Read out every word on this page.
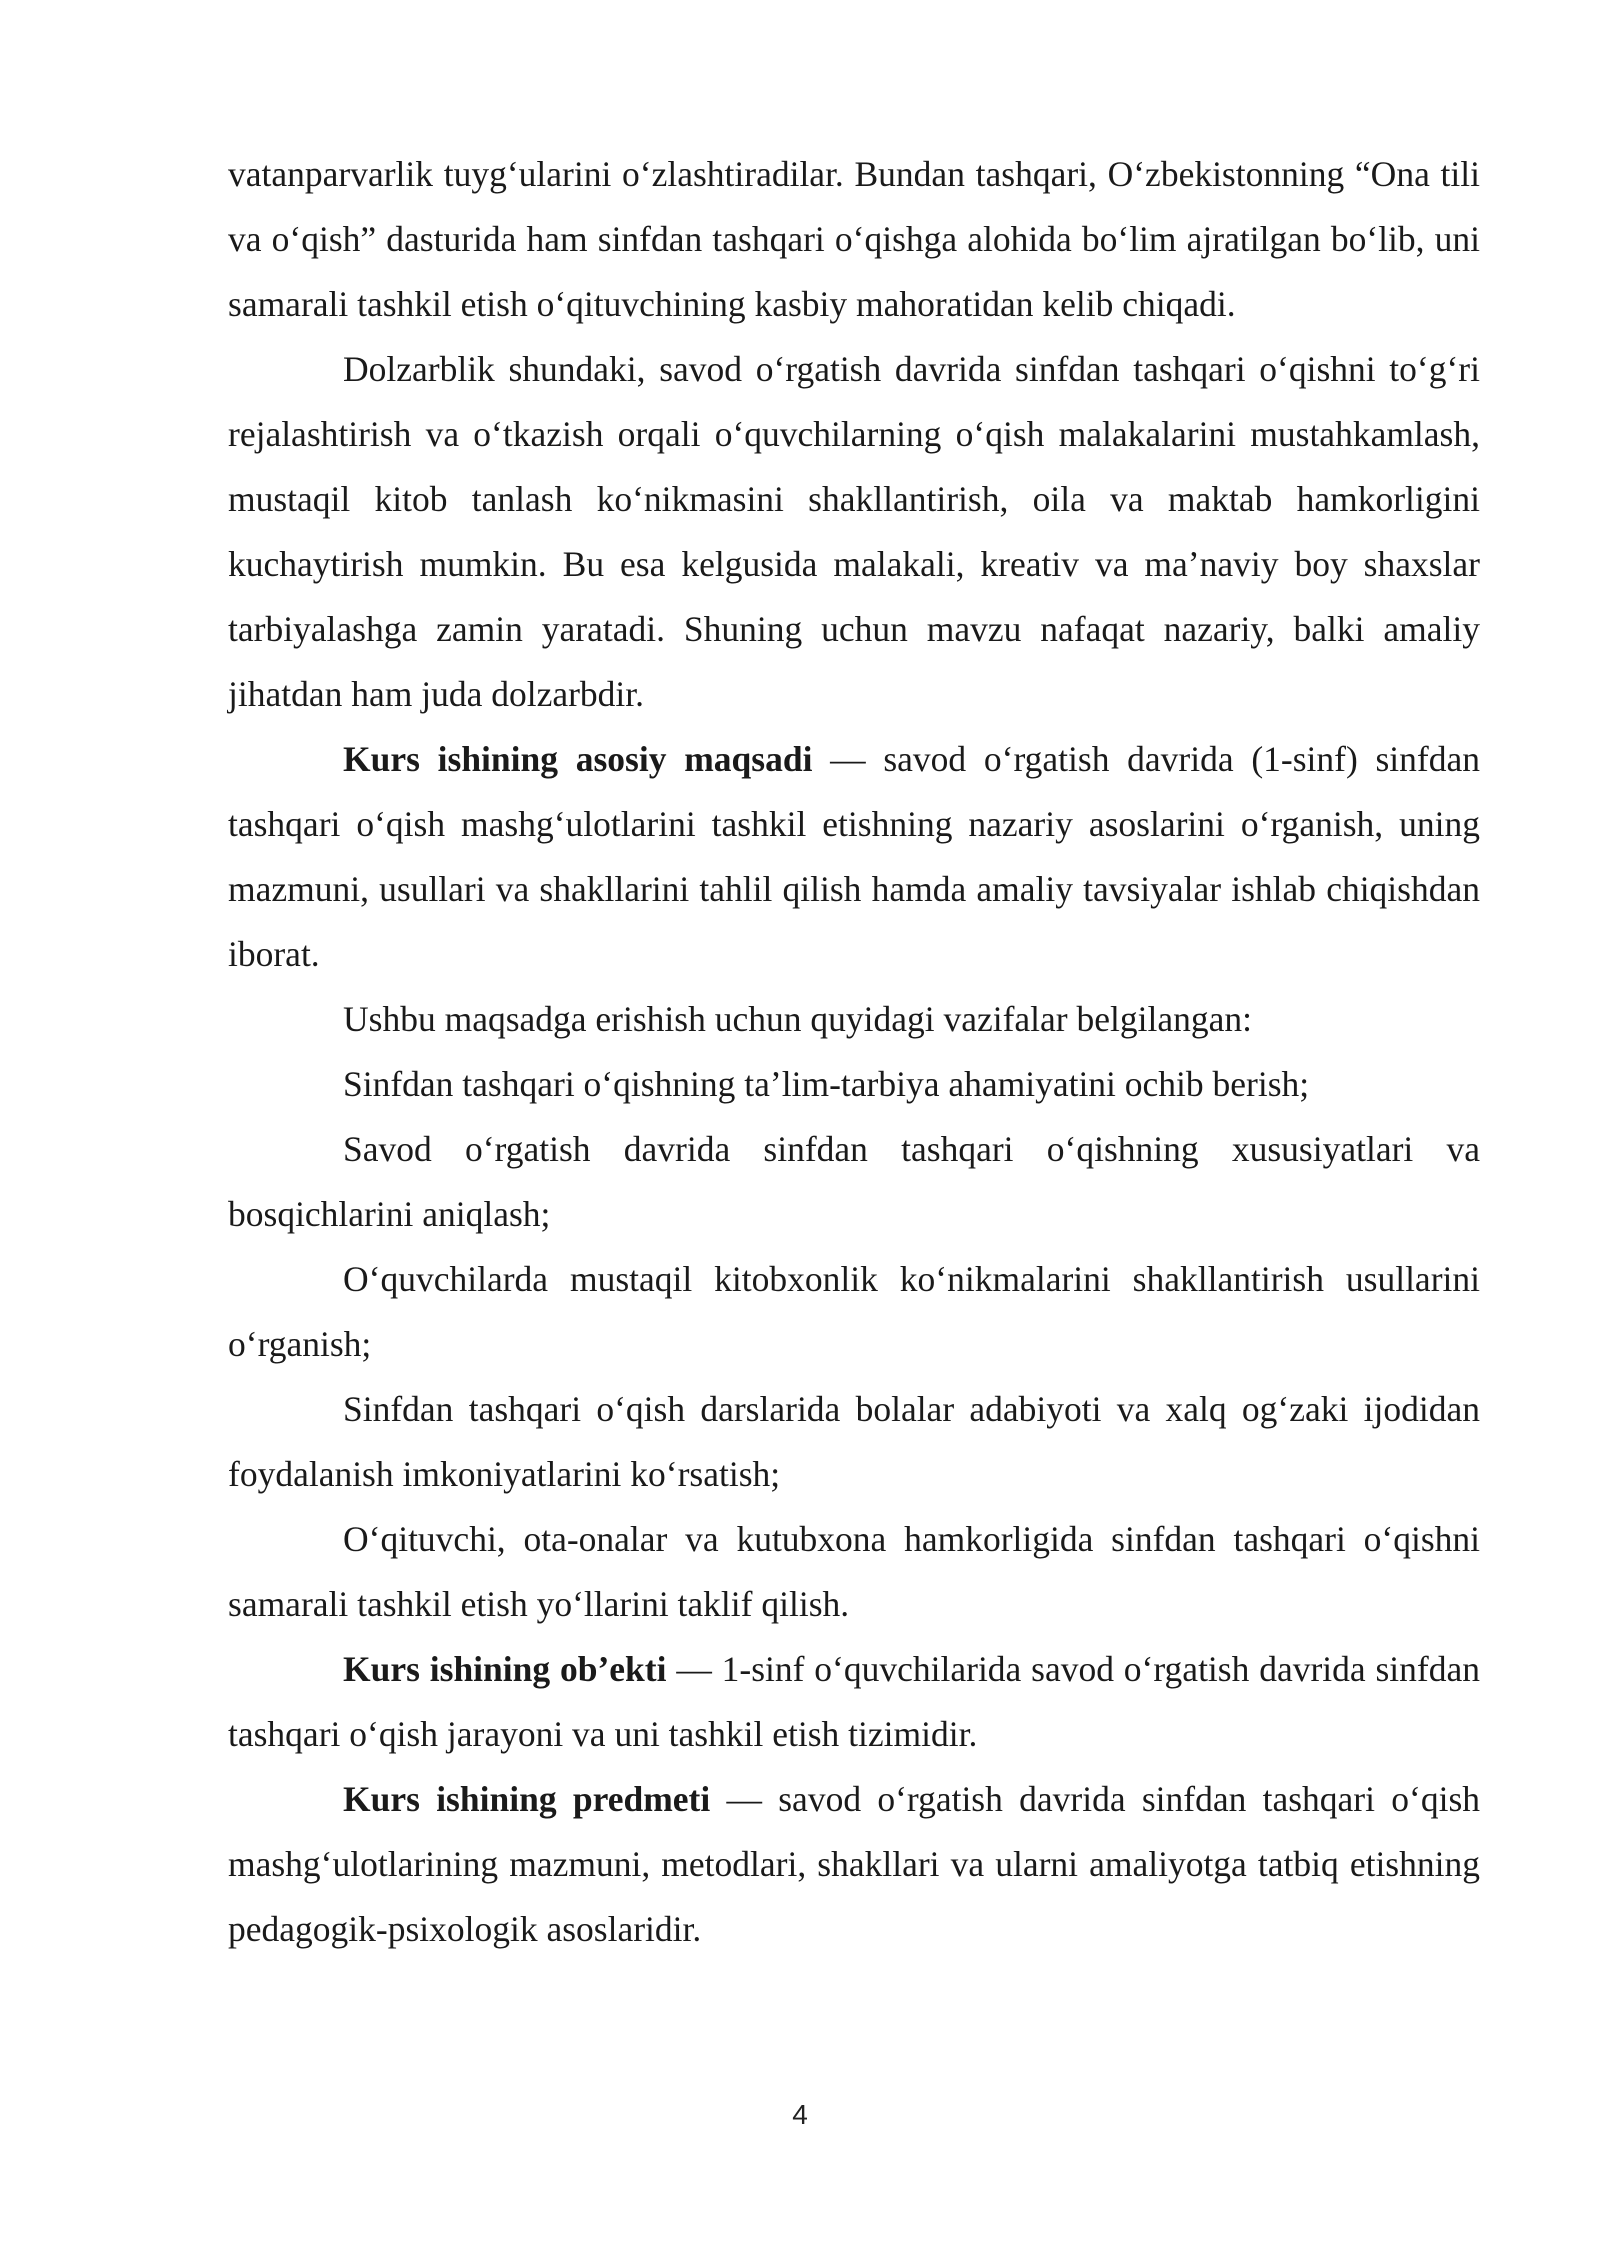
vatanparvarlik tuygʻularini oʻzlashtiradilar. Bundan tashqari, Oʻzbekistonning “Ona tili va oʻqish” dasturida ham sinfdan tashqari oʻqishga alohida boʻlim ajratilgan boʻlib, uni samarali tashkil etish oʻqituvchining kasbiy mahoratidan kelib chiqadi.

Dolzarblik shundaki, savod oʻrgatish davrida sinfdan tashqari oʻqishni toʻgʻri rejalashtirish va oʻtkazish orqali oʻquvchilarning oʻqish malakalarini mustahkamlash, mustaqil kitob tanlash koʻnikmasini shakllantirish, oila va maktab hamkorligini kuchaytirish mumkin. Bu esa kelgusida malakali, kreativ va maʼnaviy boy shaxslar tarbiyalashga zamin yaratadi. Shuning uchun mavzu nafaqat nazariy, balki amaliy jihatdan ham juda dolzarbdir.

Kurs ishining asosiy maqsadi — savod oʻrgatish davrida (1-sinf) sinfdan tashqari oʻqish mashgʻulotlarini tashkil etishning nazariy asoslarini oʻrganish, uning mazmuni, usullari va shakllarini tahlil qilish hamda amaliy tavsiyalar ishlab chiqishdan iborat.

Ushbu maqsadga erishish uchun quyidagi vazifalar belgilangan:

Sinfdan tashqari oʻqishning taʼlim-tarbiya ahamiyatini ochib berish;

Savod oʻrgatish davrida sinfdan tashqari oʻqishning xususiyatlari va bosqichlarini aniqlash;

Oʻquvchilarda mustaqil kitobxonlik koʻnikmalarini shakllantirish usullarini oʻrganish;

Sinfdan tashqari oʻqish darslarida bolalar adabiyoti va xalq ogʻzaki ijodidan foydalanish imkoniyatlarini koʻrsatish;

Oʻqituvchi, ota-onalar va kutubxona hamkorligida sinfdan tashqari oʻqishni samarali tashkil etish yoʻllarini taklif qilish.

Kurs ishining obʼekti — 1-sinf oʻquvchilarida savod oʻrgatish davrida sinfdan tashqari oʻqish jarayoni va uni tashkil etish tizimidir.

Kurs ishining predmeti — savod oʻrgatish davrida sinfdan tashqari oʻqish mashgʻulotlarining mazmuni, metodlari, shakllari va ularni amaliyotga tatbiq etishning pedagogik-psixologik asoslaridir.

4
